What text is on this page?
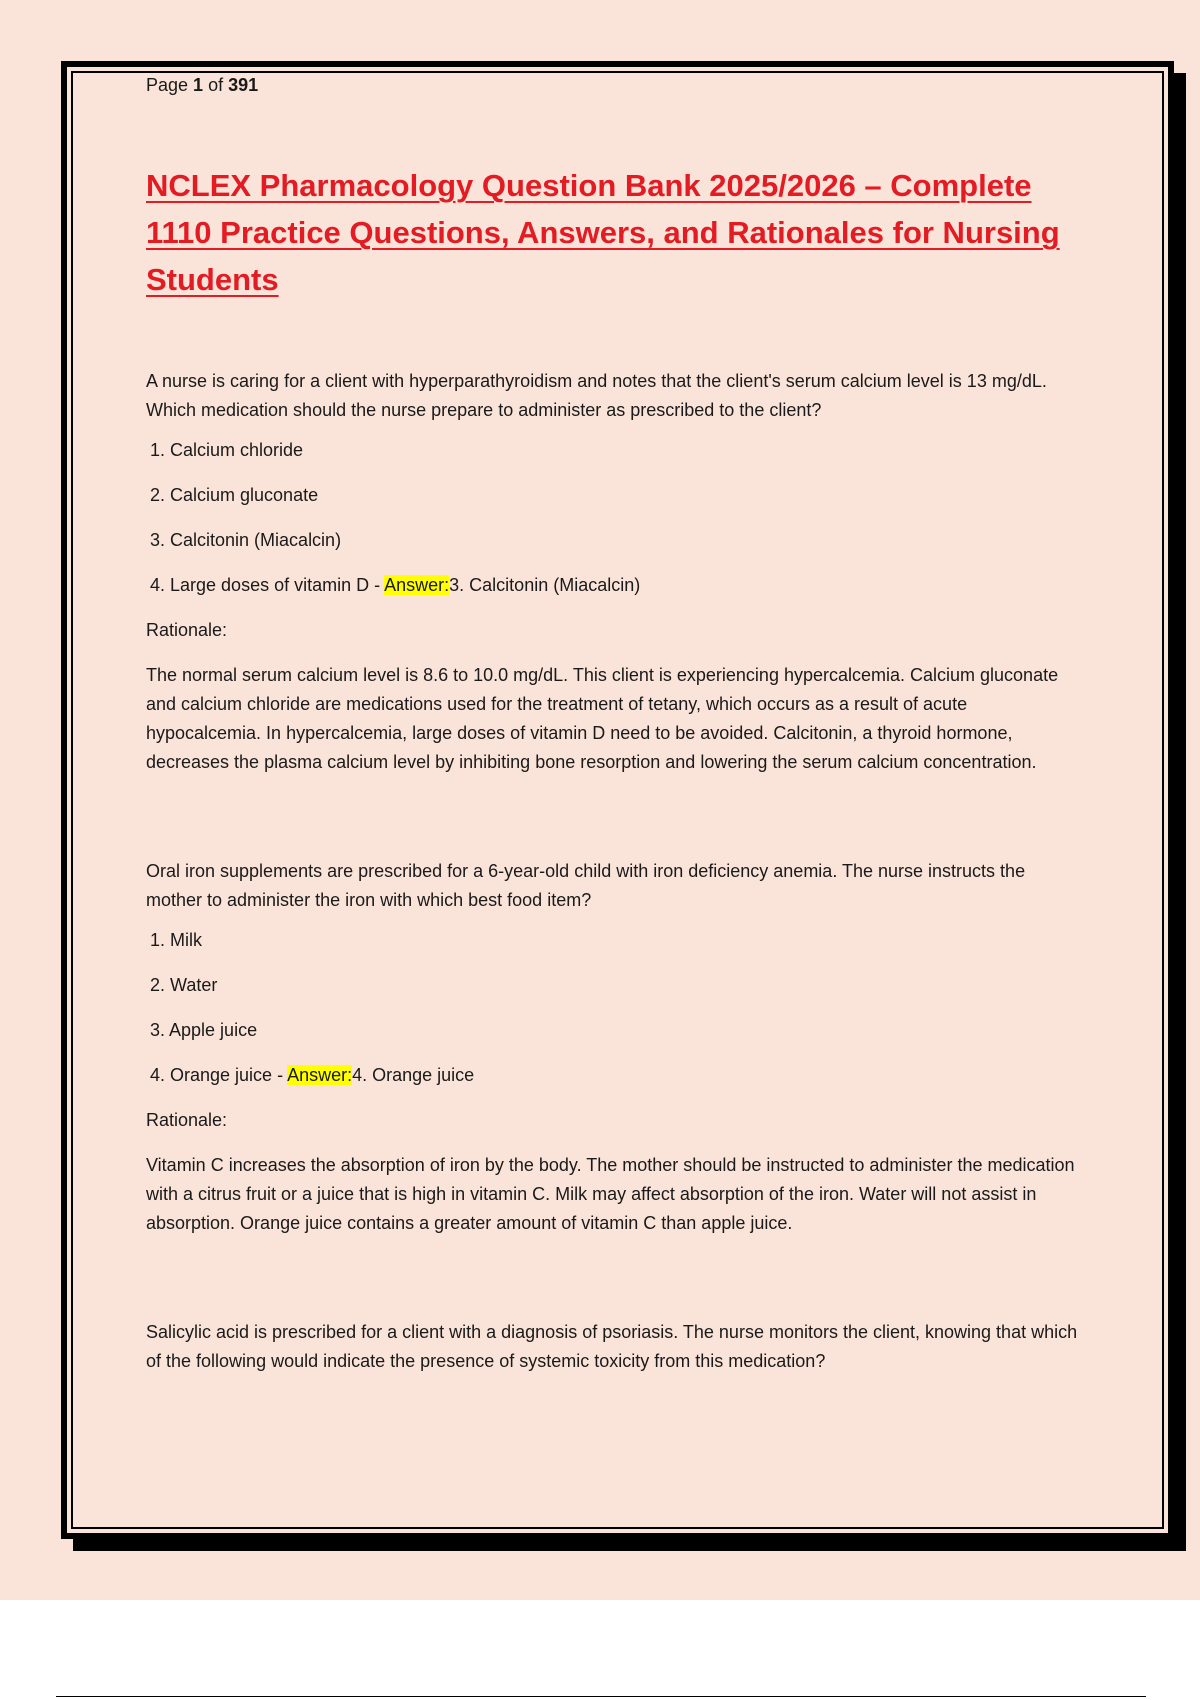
Page 1 of 391

NCLEX Pharmacology Question Bank 2025/2026 – Complete 1110 Practice Questions, Answers, and Rationales for Nursing Students

A nurse is caring for a client with hyperparathyroidism and notes that the client's serum calcium level is 13 mg/dL. Which medication should the nurse prepare to administer as prescribed to the client?

1. Calcium chloride
2. Calcium gluconate
3. Calcitonin (Miacalcin)
4. Large doses of vitamin D - Answer:3. Calcitonin (Miacalcin)

Rationale:

The normal serum calcium level is 8.6 to 10.0 mg/dL. This client is experiencing hypercalcemia. Calcium gluconate and calcium chloride are medications used for the treatment of tetany, which occurs as a result of acute hypocalcemia. In hypercalcemia, large doses of vitamin D need to be avoided. Calcitonin, a thyroid hormone, decreases the plasma calcium level by inhibiting bone resorption and lowering the serum calcium concentration.

Oral iron supplements are prescribed for a 6-year-old child with iron deficiency anemia. The nurse instructs the mother to administer the iron with which best food item?

1. Milk
2. Water
3. Apple juice
4. Orange juice - Answer:4. Orange juice

Rationale:

Vitamin C increases the absorption of iron by the body. The mother should be instructed to administer the medication with a citrus fruit or a juice that is high in vitamin C. Milk may affect absorption of the iron. Water will not assist in absorption. Orange juice contains a greater amount of vitamin C than apple juice.

Salicylic acid is prescribed for a client with a diagnosis of psoriasis. The nurse monitors the client, knowing that which of the following would indicate the presence of systemic toxicity from this medication?
